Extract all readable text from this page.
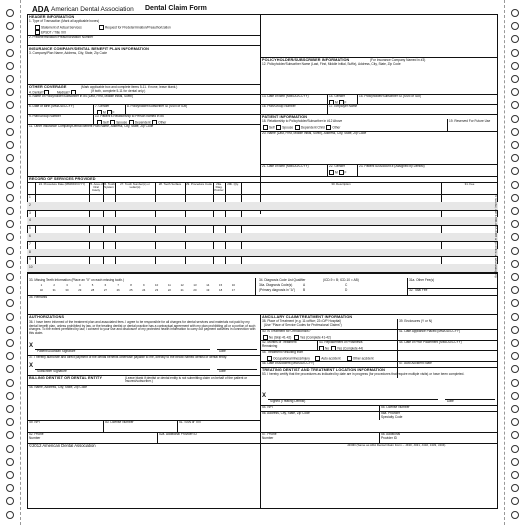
ADA American Dental Association Dental Claim Form
HEADER INFORMATION
1. Type of Transaction (Mark all applicable boxes)
Statement of Actual Services	Request for Predetermination/Preauthorization
EPSDT / Title XIX
2. Predetermination/Preauthorization Number
INSURANCE COMPANY/DENTAL BENEFIT PLAN INFORMATION
3. Company/Plan Name, Address, City, State, Zip Code
OTHER COVERAGE	(Mark applicable box and complete items 5-11. If none, leave blank.)
4. Dental?	Medical?	(If both, complete 5-11 for dental only.)
5. Name of Policyholder/Subscriber in #4 (Last, First, Middle Initial, Suffix)
6. Date of Birth (MM/DD/CCYY)	7. Gender
M F
8. Policyholder/Subscriber ID (SSN or ID#)
9. Plan/Group Number	10. Patient's Relationship to Person named in #5
Self Spouse Dependent Other
11. Other Insurance Company/Dental Benefit Plan Name, Address, City, State, Zip Code
POLICYHOLDER/SUBSCRIBER INFORMATION	(For Insurance Company Named in #3)
12. Policyholder/Subscriber Name (Last, First, Middle Initial, Suffix), Address, City, State, Zip Code
13. Date of Birth (MM/DD/CCYY)	14. Gender
M F
15. Policyholder/Subscriber ID (SSN or ID#)
16. Plan/Group Number	17. Employer Name
PATIENT INFORMATION
18. Relationship to Policyholder/Subscriber in #12 Above
Self Spouse Dependent Child Other
19. Reserved For Future Use
20. Name (Last, First, Middle Initial, Suffix), Address, City, State, Zip Code
21. Date of Birth (MM/DD/CCYY)	22. Gender
M F
23. Patient ID/Account # (Assigned by Dentist)
RECORD OF SERVICES PROVIDED
24. Procedure Date (MM/DD/CCYY)	25. Area of Oral Cavity
26. Tooth System
27. Tooth Number(s) or Letter(s)
28. Tooth Surface	29. Procedure Code	29a. Diag. Pointer
29b. Qty.	30. Description	31. Fee
1
2
3
4
5
6
7
8
9
10
33. Missing Teeth Information (Place an "X" on each missing tooth.)
1	2	3	4	5	6	7	8	9	10	11	12	13	14	15	16
32	31	30	29	28	27	26	25	24	23	22	21	20	19	18	17
34. Diagnosis Code List Qualifier	(ICD-9 = B; ICD-10 = AB)
34a. Diagnosis Code(s)
(Primary diagnosis in "A")
A
B
C
D
31a. Other Fee(s)
32. Total Fee
35. Remarks
AUTHORIZATIONS
36. I have been informed of the treatment plan and associated fees. I agree to be responsible for all charges for dental services and materials not paid by my dental benefit plan, unless prohibited by law, or the treating dentist or dental practice has a contractual agreement with my plan prohibiting all or a portion of such charges. To the extent permitted by law, I consent to your use and disclosure of my protected health information to carry out payment activities in connection with this claim.
X
Patient/Guardian Signature	Date
37. I hereby authorize and direct payment of the dental benefits otherwise payable to me, directly to the below named dentist or dental entity.
X
Subscriber Signature	Date
BILLING DENTIST OR DENTAL ENTITY	(Leave blank if dentist or dental entity is not submitting claim on behalf of the patient or insured/subscriber.)
48. Name, Address, City, State, Zip Code
49. NPI	50. License Number	51. SSN or TIN
52. Phone Number
52a. Additional Provider ID
ANCILLARY CLAIM/TREATMENT INFORMATION
38. Place of Treatment (e.g. 11=office; 22=O/P Hospital)
(Use "Place of Service Codes for Professional Claims")
39. Enclosures (Y or N)
40. Is Treatment for Orthodontics?
No (Skip 41-42)	Yes (Complete 41-42)
41. Date Appliance Placed (MM/DD/CCYY)
42. Months of Treatment Remaining
43. Replacement of Prosthesis
No Yes (Complete 44)
44. Date of Prior Placement (MM/DD/CCYY)
45. Treatment Resulting from
Occupational illness/injury	Auto accident	Other accident
46. Date of Accident (MM/DD/CCYY)	47. Auto Accident State
TREATING DENTIST AND TREATMENT LOCATION INFORMATION
53. I hereby certify that the procedures as indicated by date are in progress (for procedures that require multiple visits) or have been completed.
X
Signed (Treating Dentist)	Date
54. NPI	55. License Number
56. Address, City, State, Zip Code	56a. Provider Specialty Code
57. Phone Number
58. Additional Provider ID
©2012 American Dental Association	J430D (Same as ADA Dental Claim Form – J430, J431, J432, J433, J434)
To reorder, call 1-800-ADA-2308 or go online at adacatalog.org
